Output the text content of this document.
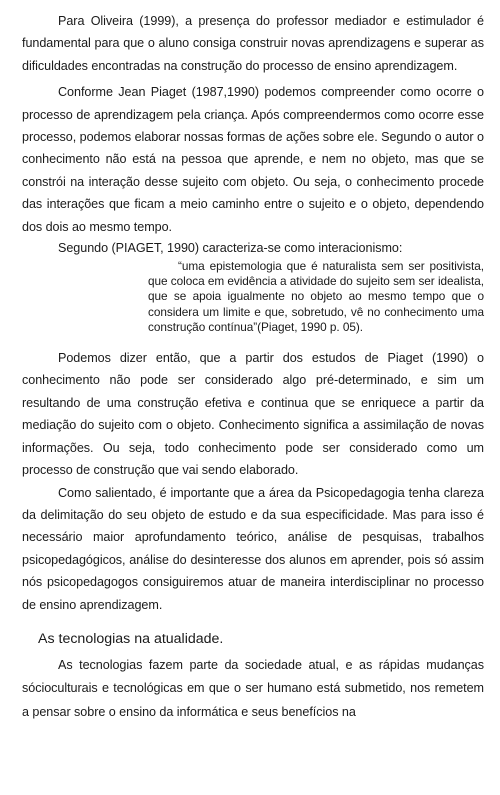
Para Oliveira (1999), a presença do professor mediador e estimulador é fundamental para que o aluno consiga construir novas aprendizagens e superar as dificuldades encontradas na construção do processo de ensino aprendizagem.

Conforme Jean Piaget (1987,1990) podemos compreender como ocorre o processo de aprendizagem pela criança. Após compreendermos como ocorre esse processo, podemos elaborar nossas formas de ações sobre ele. Segundo o autor o conhecimento não está na pessoa que aprende, e nem no objeto, mas que se constrói na interação desse sujeito com objeto. Ou seja, o conhecimento procede das interações que ficam a meio caminho entre o sujeito e o objeto, dependendo dos dois ao mesmo tempo.

Segundo (PIAGET, 1990) caracteriza-se como interacionismo:

“uma epistemologia que é naturalista sem ser positivista, que coloca em evidência a atividade do sujeito sem ser idealista, que se apoia igualmente no objeto ao mesmo tempo que o considera um limite e que, sobretudo, vê no conhecimento uma construção contínua”(Piaget, 1990 p. 05).

Podemos dizer então, que a partir dos estudos de Piaget (1990) o conhecimento não pode ser considerado algo pré-determinado, e sim um resultando de uma construção efetiva e continua que se enriquece a partir da mediação do sujeito com o objeto. Conhecimento significa a assimilação de novas informações. Ou seja, todo conhecimento pode ser considerado como um processo de construção que vai sendo elaborado.

Como salientado, é importante que a área da Psicopedagogia tenha clareza da delimitação do seu objeto de estudo e da sua especificidade. Mas para isso é necessário maior aprofundamento teórico, análise de pesquisas, trabalhos psicopedagógicos, análise do desinteresse dos alunos em aprender, pois só assim nós psicopedagogos consiguiremos atuar de maneira interdisciplinar no processo de ensino aprendizagem.

As tecnologias na atualidade.

As tecnologias fazem parte da sociedade atual, e as rápidas mudanças sócioculturais e tecnológicas em que o ser humano está submetido, nos remetem a pensar sobre o ensino da informática e seus benefícios na
